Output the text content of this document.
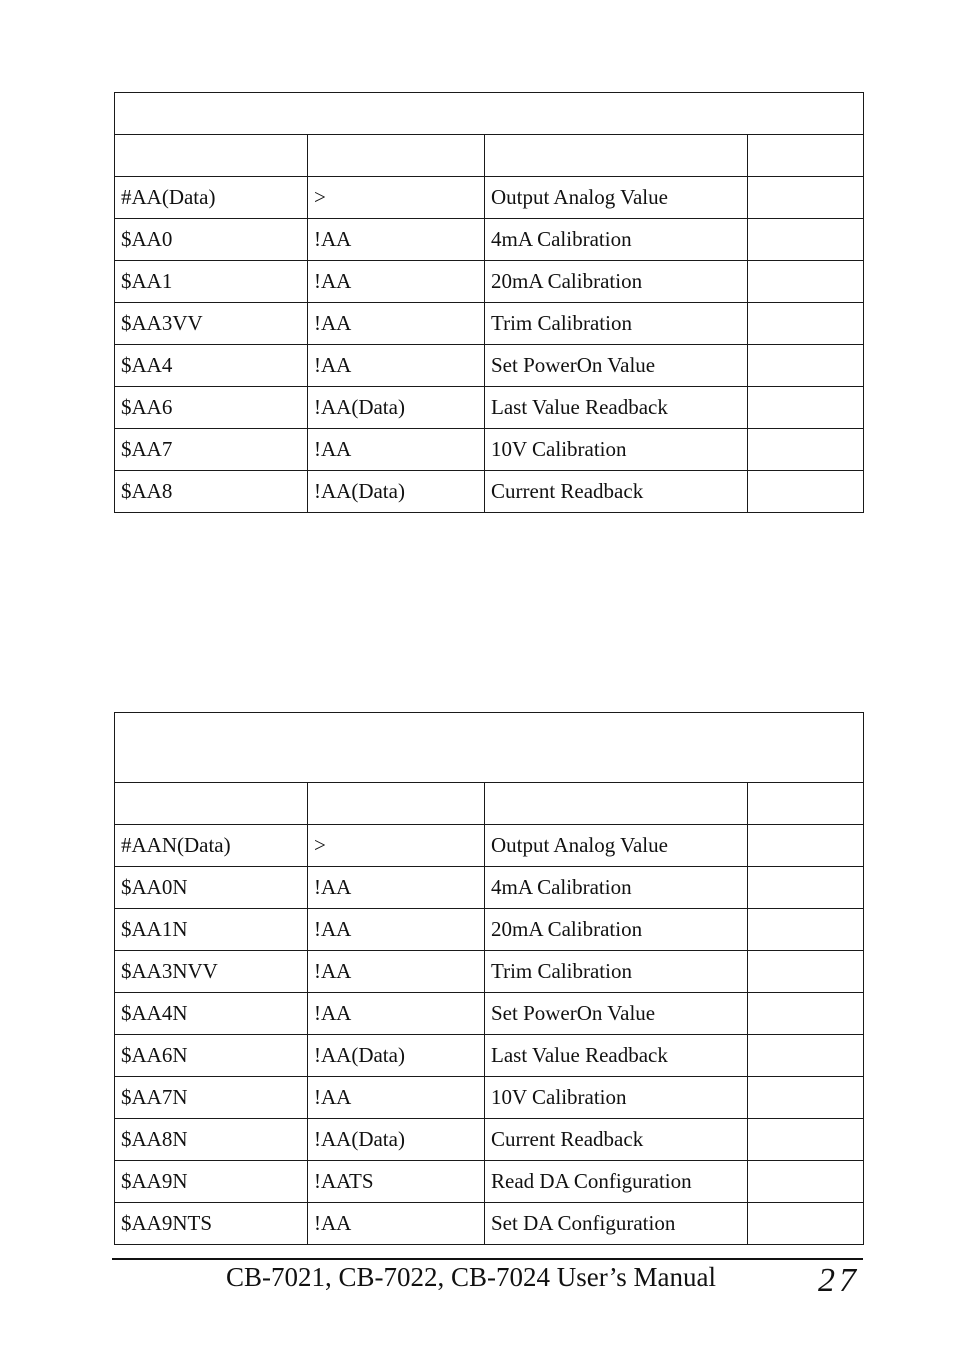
#AA(Data)	>	Output Analog Value	
$AA0	!AA	4mA Calibration	
$AA1	!AA	20mA Calibration	
$AA3VV	!AA	Trim Calibration	
$AA4	!AA	Set PowerOn Value	
$AA6	!AA(Data)	Last Value Readback	
$AA7	!AA	10V Calibration	
$AA8	!AA(Data)	Current Readback	

#AAN(Data)	>	Output Analog Value	
$AA0N	!AA	4mA Calibration	
$AA1N	!AA	20mA Calibration	
$AA3NVV	!AA	Trim Calibration	
$AA4N	!AA	Set PowerOn Value	
$AA6N	!AA(Data)	Last Value Readback	
$AA7N	!AA	10V Calibration	
$AA8N	!AA(Data)	Current Readback	
$AA9N	!AATS	Read DA Configuration	
$AA9NTS	!AA	Set DA Configuration	
CB-7021, CB-7022, CB-7024 User’s Manual	27
